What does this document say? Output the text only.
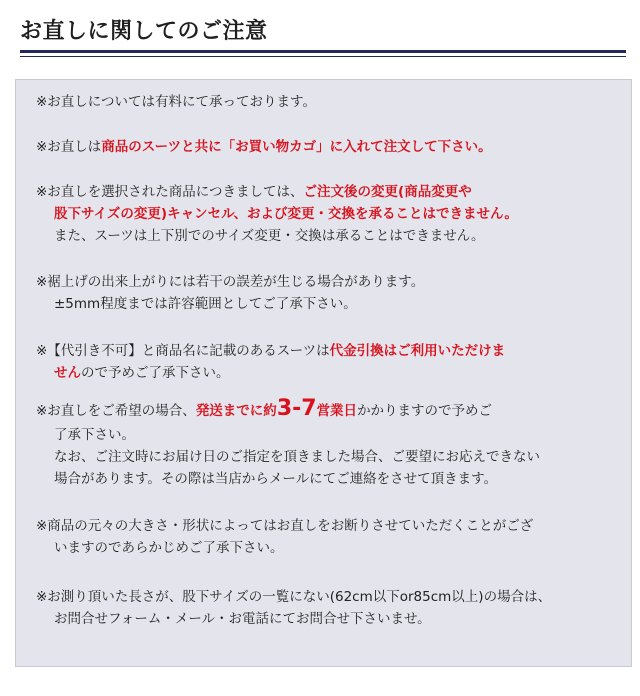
お直しに関してのご注意
※お直しについては有料にて承っております。
※お直しは商品のスーツと共に「お買い物カゴ」に入れて注文して下さい。
※お直しを選択された商品につきましては、ご注文後の変更(商品変更や
股下サイズの変更)キャンセル、および変更・交換を承ることはできません。
また、スーツは上下別でのサイズ変更・交換は承ることはできません。
※裾上げの出来上がりには若干の誤差が生じる場合があります。
±5mm程度までは許容範囲としてご了承下さい。
※【代引き不可】と商品名に記載のあるスーツは代金引換はご利用いただけま
せんので予めご了承下さい。
※お直しをご希望の場合、発送までに約3-7営業日かかりますので予めご
了承下さい。
なお、ご注文時にお届け日のご指定を頂きました場合、ご要望にお応えできない
場合があります。その際は当店からメールにてご連絡をさせて頂きます。
※商品の元々の大きさ・形状によってはお直しをお断りさせていただくことがござ
いますのであらかじめご了承下さい。
※お測り頂いた長さが、股下サイズの一覧にない(62cm以下or85cm以上)の場合は、
お問合せフォーム・メール・お電話にてお問合せ下さいませ。
